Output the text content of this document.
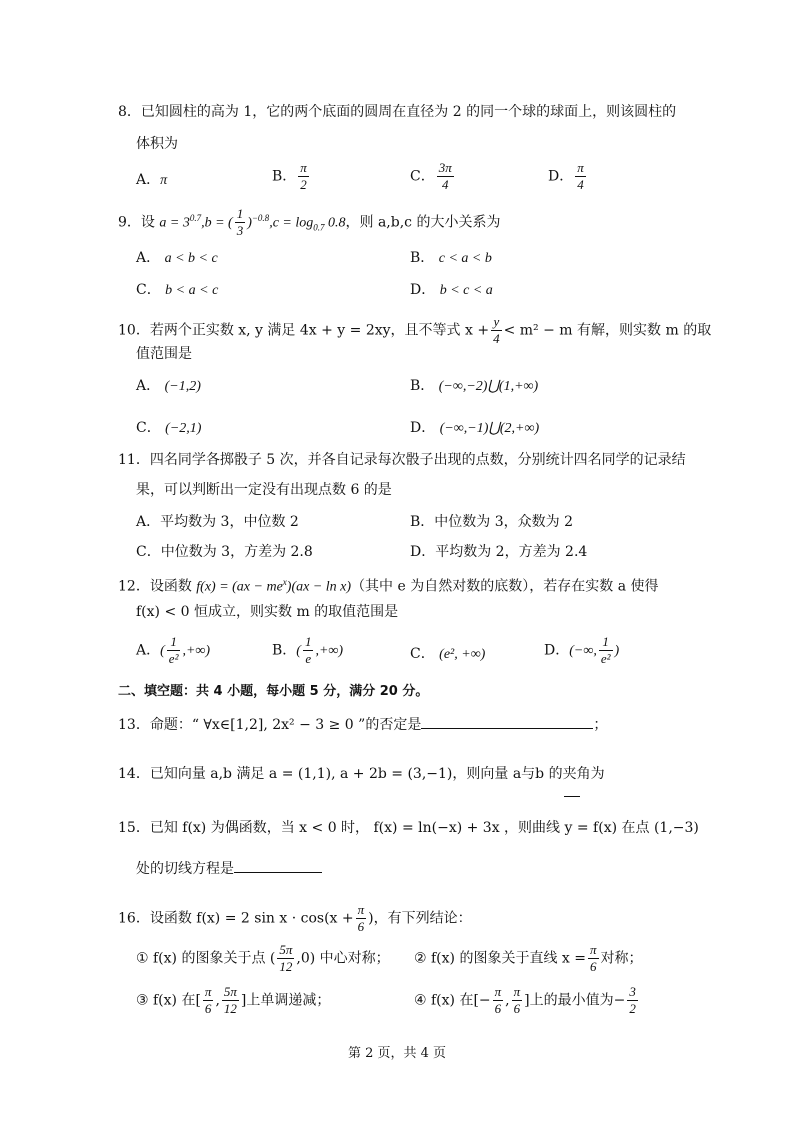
8．已知圆柱的高为 1，它的两个底面的圆周在直径为 2 的同一个球的球面上，则该圆柱的
体积为
A．π	B． $\frac{\pi}{2}$	C． $\frac{3\pi}{4}$	D． $\frac{\pi}{4}$
9．设 $a = 3^{0.7},b$ = ( $\frac{1}{3} )^{-0.8},c = \log_{0.7} 0.8$，则 a,b,c 的大小关系为
A． a < b < c	B． c < a < b
C． b < a < c	D． b < c < a
10．若两个正实数 x, y 满足 4x + y = 2xy，且不等式 $x + \frac{y}{4} < m^2 - m$ 有解，则实数 m 的取
值范围是
A． (−1,2)	B． (−∞,−2)⋃(1,+∞)
C． (−2,1)	D． (−∞,−1)⋃(2,+∞)
11．四名同学各掷骰子 5 次，并各自记录每次骰子出现的点数，分别统计四名同学的记录结
果，可以判断出一定没有出现点数 6 的是
A．平均数为 3，中位数 2	B．中位数为 3，众数为 2
C．中位数为 3，方差为 2.8	D．平均数为 2，方差为 2.4
12．设函数 $f(x) = (ax - me^x)(ax - \ln x)$（其中 e 为自然对数的底数），若存在实数 a 使得
f(x) < 0 恒成立，则实数 m 的取值范围是
A．( $\frac{1}{\text{e²}}$ ,+∞)	B．( $\frac{1}{e}$ ,+∞)	C． (e², +∞)	D．(−∞, $\frac{1}{\text{e²}}$ )
二、填空题：共 4 小题，每小题 5 分，满分 20 分。
13．命题：“ ∀x∈[1,2], 2x² − 3 ≥ 0 ”的否定是	；
14．已知向量 a,b 满足 a = (1,1), a + 2b = (3,−1)，则向量 a与b 的夹角为
15．已知 f(x) 为偶函数，当 x < 0 时， f(x) = ln(−x) + 3x ，则曲线 y = f(x) 在点 (1,−3)
处的切线方程是
16．设函数 f(x) = 2 $\sin x \cdot \cos(x + \frac{\pi}{6}$ )，有下列结论：
① f(x) 的图象关于点 ( $\frac{5\pi}{12} ,0$) 中心对称； ② f(x) 的图象关于直线 $x = \frac{\pi}{6}$ 对称；
③ f(x) 在[ $\frac{\pi}{6}$ , $\frac{5\pi}{12}$ ]上单调递减；	④ f(x) 在[− $\frac{\pi}{6}$ , $\frac{\pi}{6}$ ]上的最小值为− $\frac{3}{2}$
第 2 页，共 4 页
